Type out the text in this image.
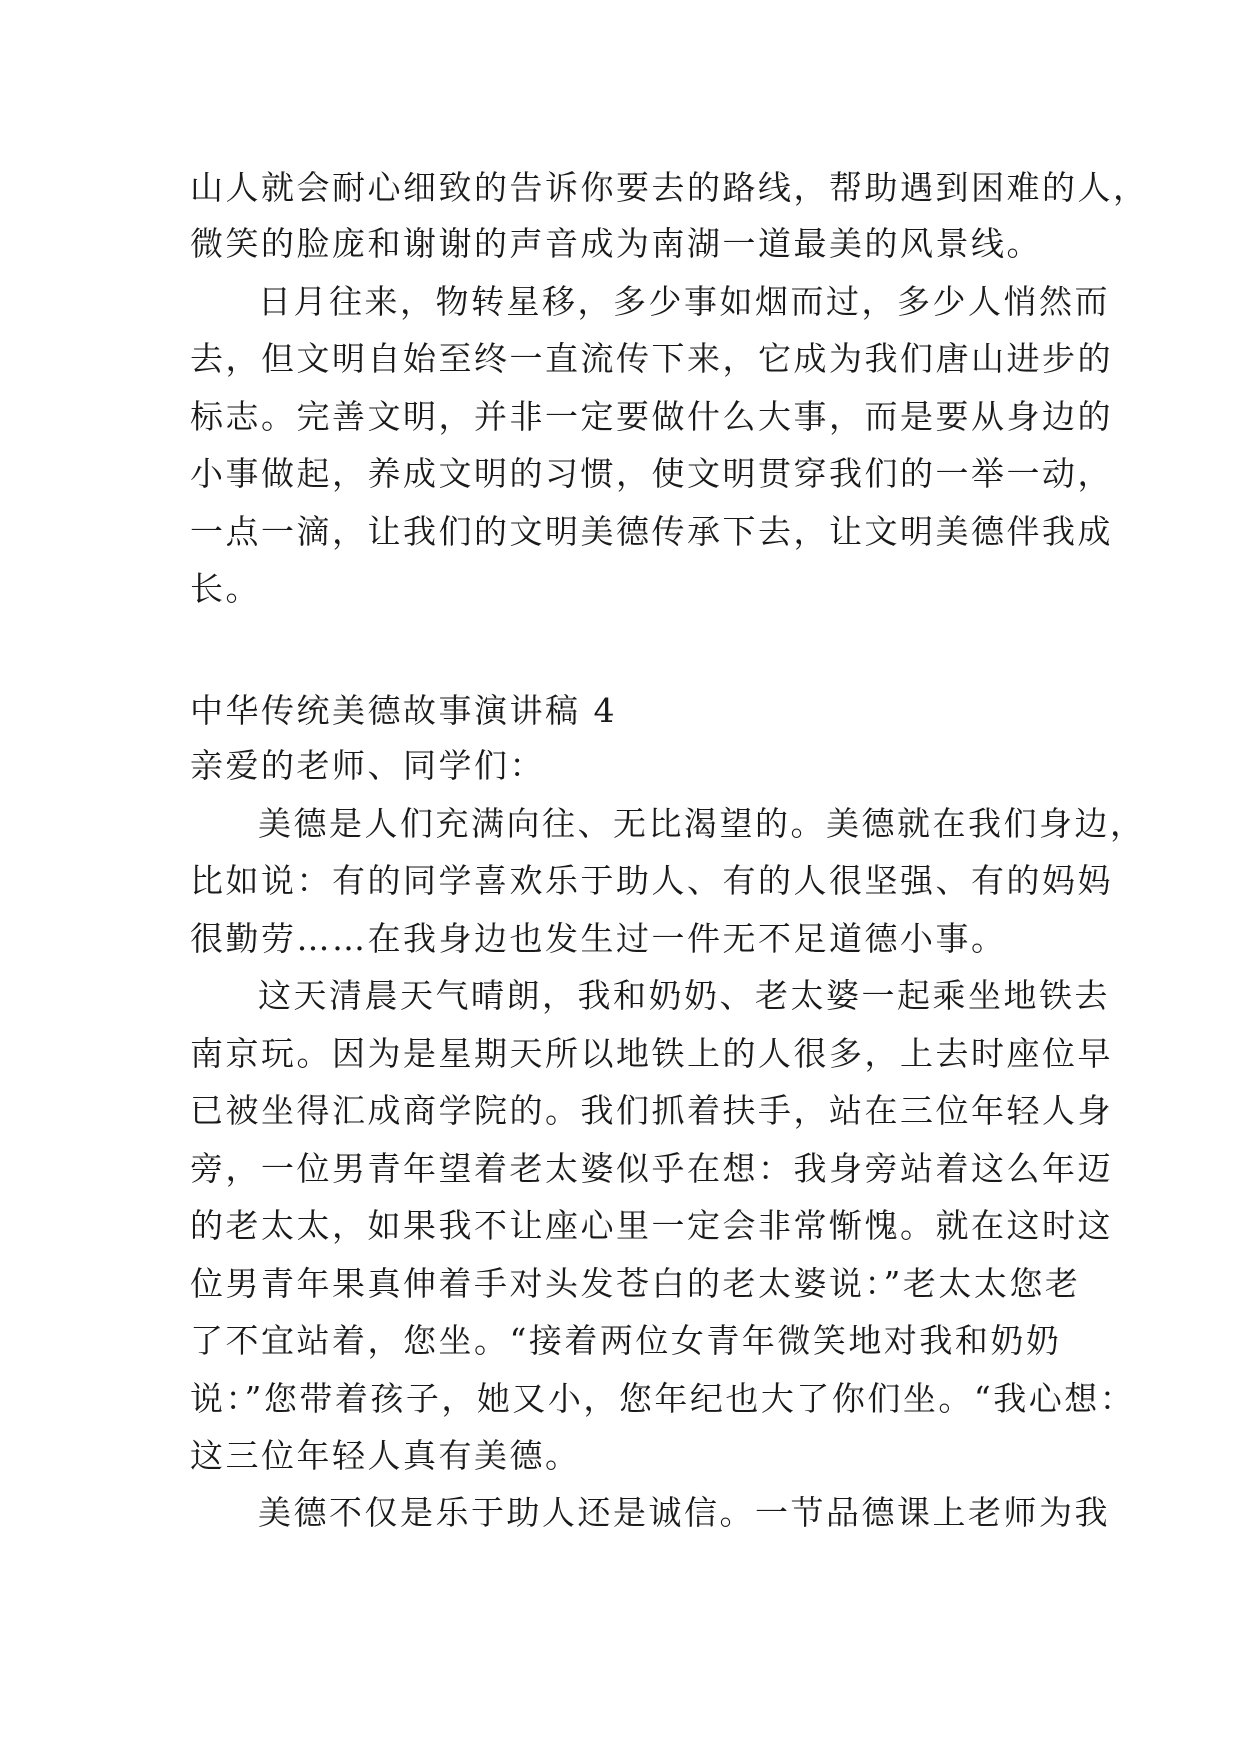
山人就会耐心细致的告诉你要去的路线，帮助遇到困难的人，
微笑的脸庞和谢谢的声音成为南湖一道最美的风景线。
日月往来，物转星移，多少事如烟而过，多少人悄然而
去，但文明自始至终一直流传下来，它成为我们唐山进步的
标志。完善文明，并非一定要做什么大事，而是要从身边的
小事做起，养成文明的习惯，使文明贯穿我们的一举一动，
一点一滴，让我们的文明美德传承下去，让文明美德伴我成
长。
中华传统美德故事演讲稿 4
亲爱的老师、同学们：
美德是人们充满向往、无比渴望的。美德就在我们身边，
比如说：有的同学喜欢乐于助人、有的人很坚强、有的妈妈
很勤劳……在我身边也发生过一件无不足道德小事。
这天清晨天气晴朗，我和奶奶、老太婆一起乘坐地铁去
南京玩。因为是星期天所以地铁上的人很多，上去时座位早
已被坐得汇成商学院的。我们抓着扶手，站在三位年轻人身
旁，一位男青年望着老太婆似乎在想：我身旁站着这么年迈
的老太太，如果我不让座心里一定会非常惭愧。就在这时这
位男青年果真伸着手对头发苍白的老太婆说：”老太太您老
了不宜站着，您坐。“接着两位女青年微笑地对我和奶奶
说：”您带着孩子，她又小，您年纪也大了你们坐。“我心想：
这三位年轻人真有美德。
美德不仅是乐于助人还是诚信。一节品德课上老师为我
